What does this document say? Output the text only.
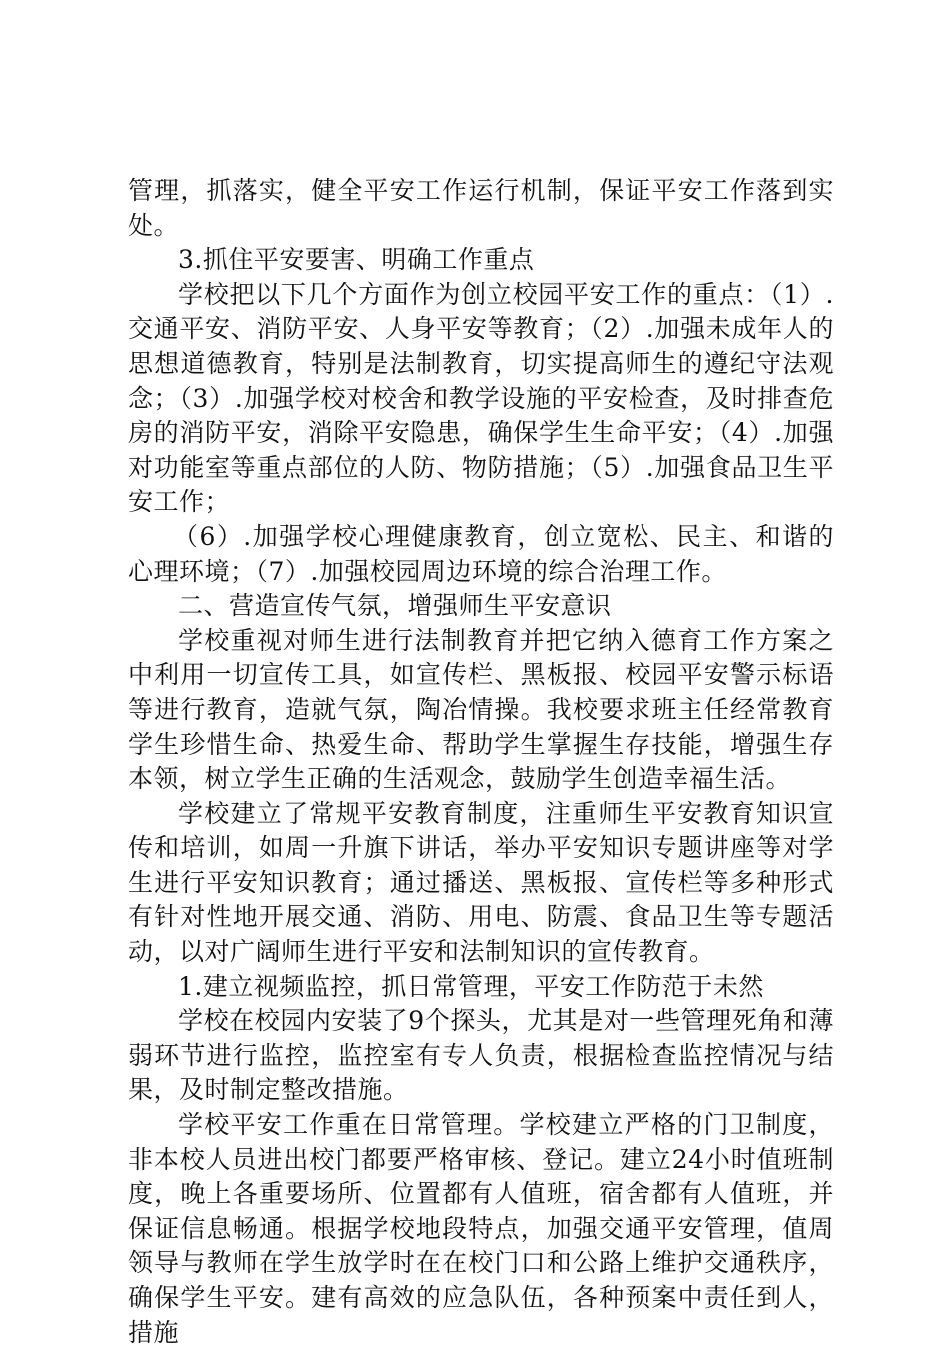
管理，抓落实，健全平安工作运行机制，保证平安工作落到实处。

3.抓住平安要害、明确工作重点

学校把以下几个方面作为创立校园平安工作的重点：（1）.交通平安、消防平安、人身平安等教育；（2）.加强未成年人的思想道德教育，特别是法制教育，切实提高师生的遵纪守法观念；（3）.加强学校对校舍和教学设施的平安检查，及时排查危房的消防平安，消除平安隐患，确保学生生命平安；（4）.加强对功能室等重点部位的人防、物防措施；（5）.加强食品卫生平安工作；

（6）.加强学校心理健康教育，创立宽松、民主、和谐的心理环境；（7）.加强校园周边环境的综合治理工作。

二、营造宣传气氛，增强师生平安意识

学校重视对师生进行法制教育并把它纳入德育工作方案之中利用一切宣传工具，如宣传栏、黑板报、校园平安警示标语等进行教育，造就气氛，陶冶情操。我校要求班主任经常教育学生珍惜生命、热爱生命、帮助学生掌握生存技能，增强生存本领，树立学生正确的生活观念，鼓励学生创造幸福生活。

学校建立了常规平安教育制度，注重师生平安教育知识宣传和培训，如周一升旗下讲话，举办平安知识专题讲座等对学生进行平安知识教育；通过播送、黑板报、宣传栏等多种形式有针对性地开展交通、消防、用电、防震、食品卫生等专题活动，以对广阔师生进行平安和法制知识的宣传教育。

1.建立视频监控，抓日常管理，平安工作防范于未然

学校在校园内安装了9个探头，尤其是对一些管理死角和薄弱环节进行监控，监控室有专人负责，根据检查监控情况与结果，及时制定整改措施。

学校平安工作重在日常管理。学校建立严格的门卫制度，非本校人员进出校门都要严格审核、登记。建立24小时值班制度，晚上各重要场所、位置都有人值班，宿舍都有人值班，并保证信息畅通。根据学校地段特点，加强交通平安管理，值周领导与教师在学生放学时在在校门口和公路上维护交通秩序，确保学生平安。建有高效的应急队伍，各种预案中责任到人，措施
